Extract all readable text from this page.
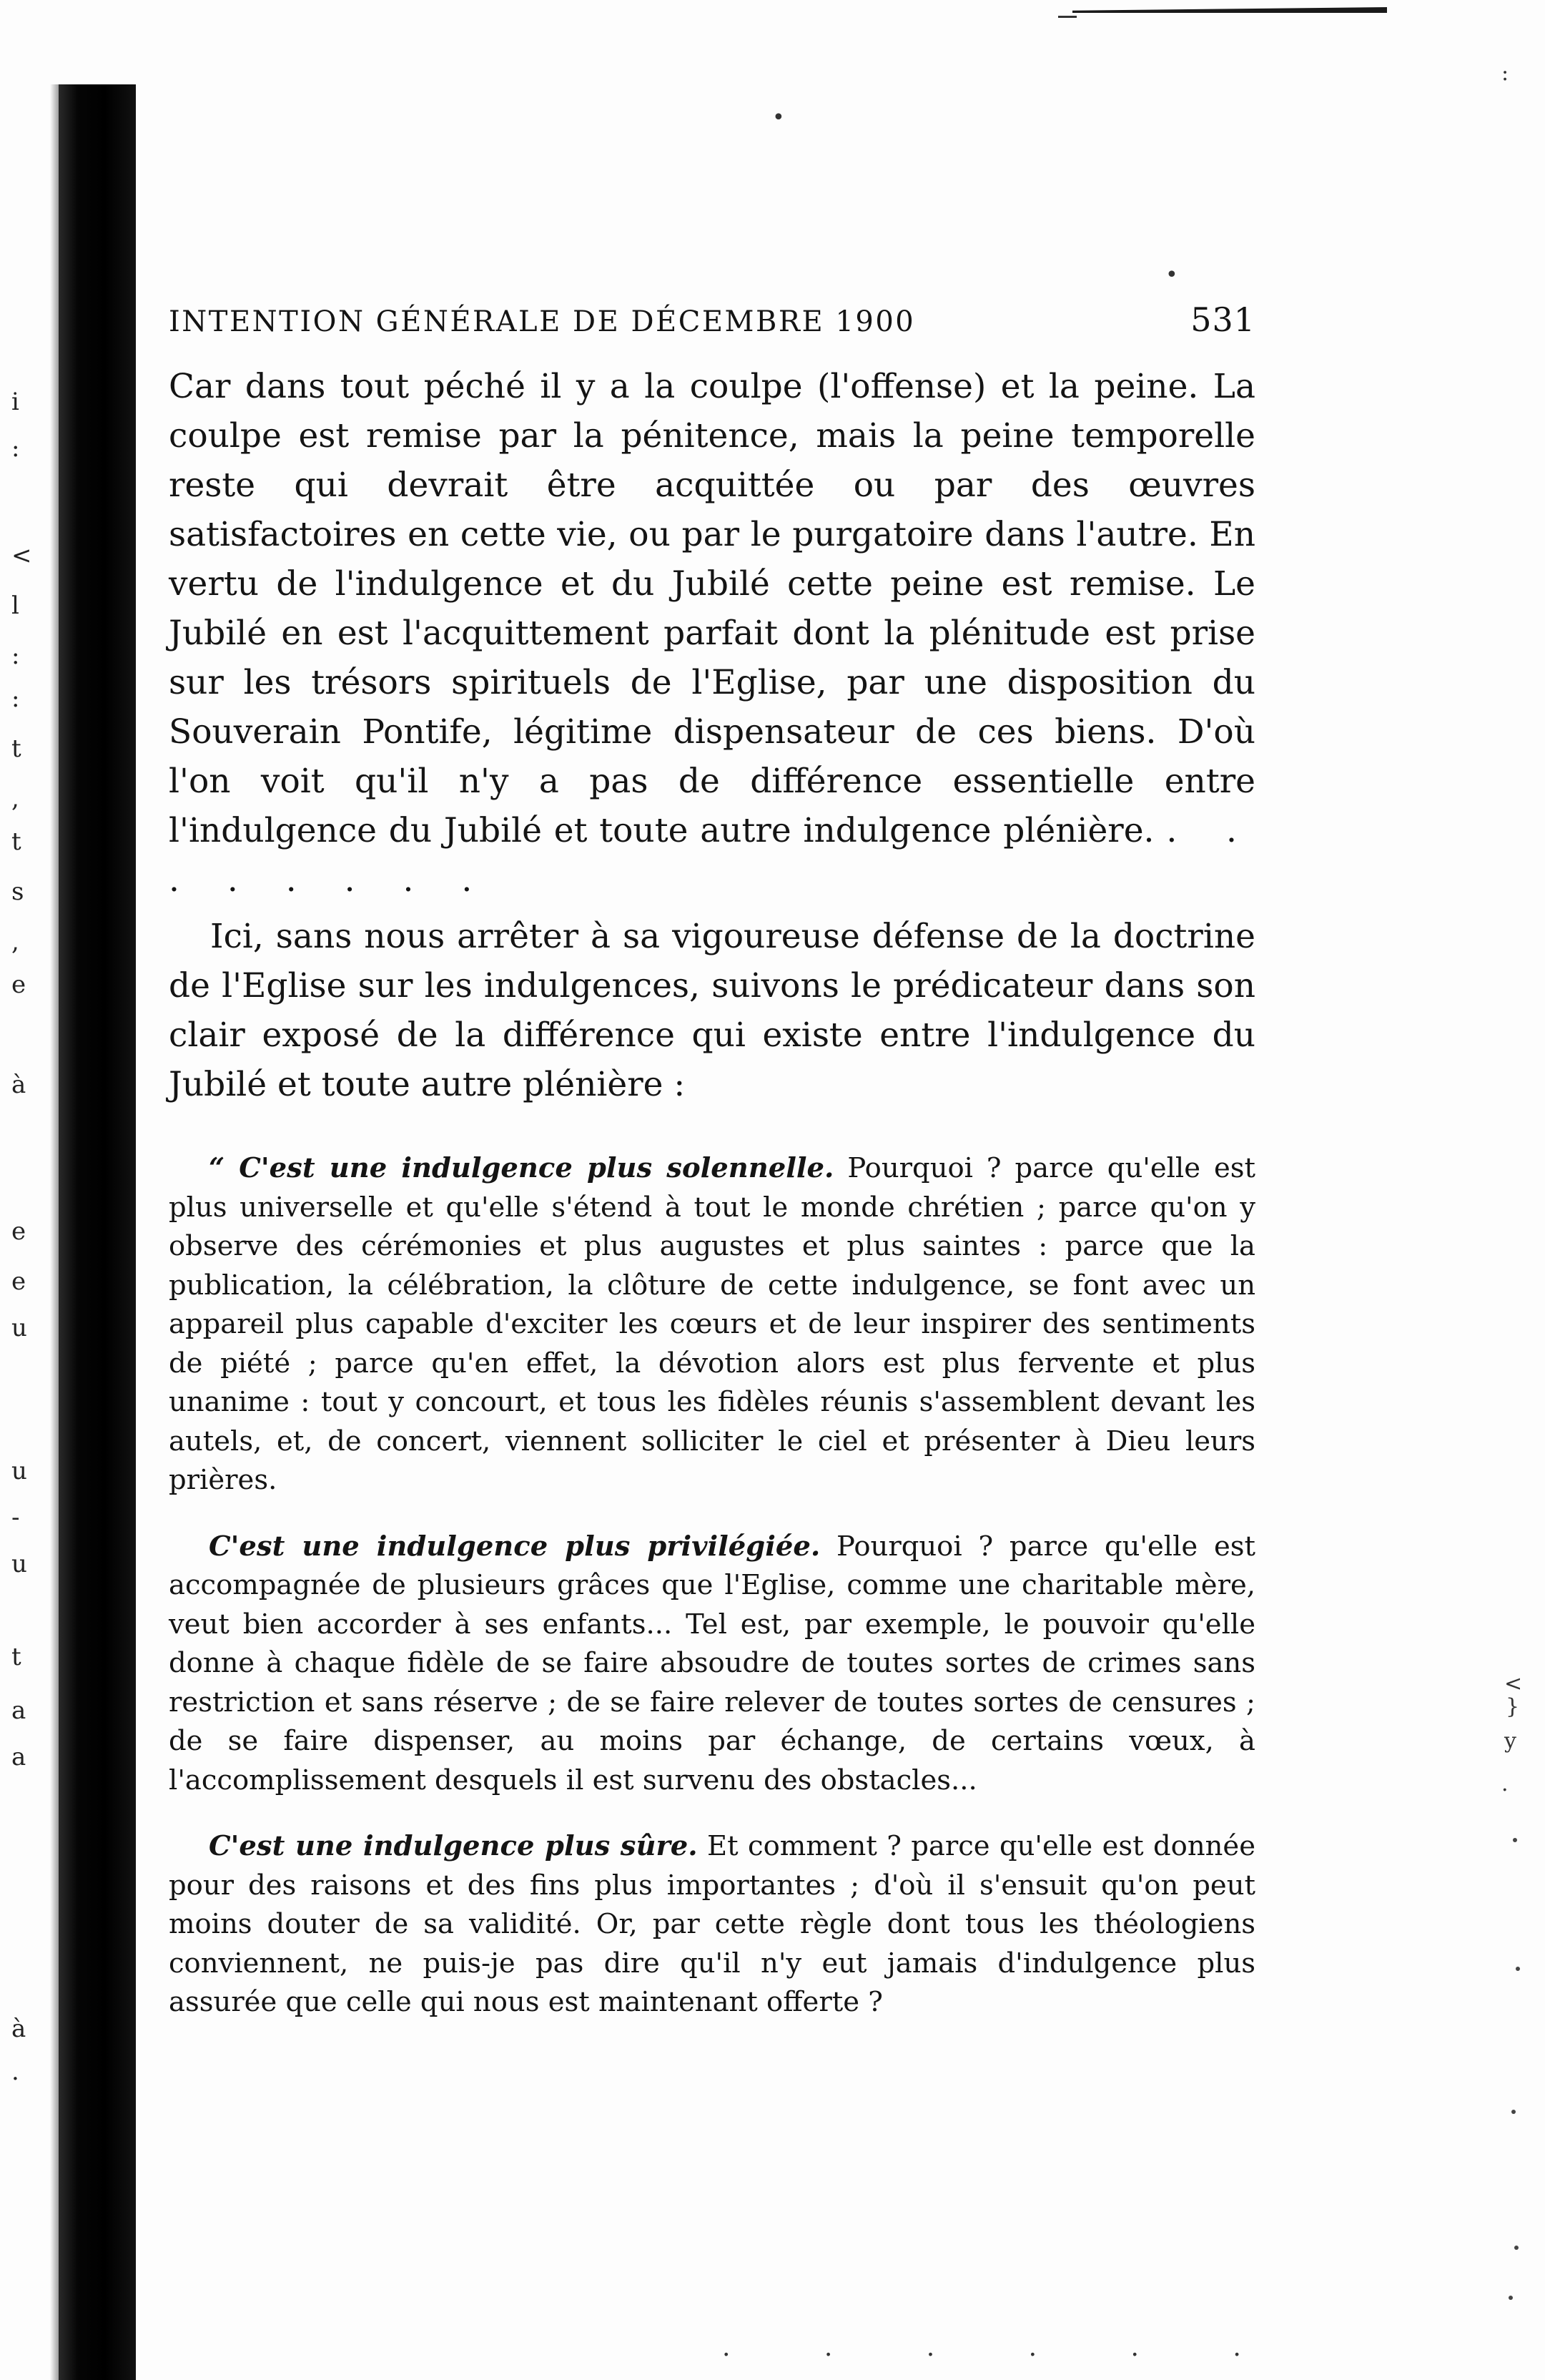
i
:
<
l
:
:
t
,
t
s
,
e
à
e
e
u
u
-
u
t
a
a
à
.
:
•
•
<
}
y
.
INTENTION GÉNÉRALE DE DÉCEMBRE 1900	531

Car dans tout péché il y a la coulpe (l'offense) et la peine. La coulpe est remise par la pénitence, mais la peine temporelle reste qui devrait être acquittée ou par des œuvres satisfactoires en cette vie, ou par le purgatoire dans l'autre. En vertu de l'indulgence et du Jubilé cette peine est remise. Le Jubilé en est l'acquittement parfait dont la plénitude est prise sur les trésors spirituels de l'Eglise, par une disposition du Souverain Pontife, légitime dispensateur de ces biens. D'où l'on voit qu'il n'y a pas de différence essentielle entre l'indulgence du Jubilé et toute autre indulgence plénière. . . . . . . . .

Ici, sans nous arrêter à sa vigoureuse défense de la doctrine de l'Eglise sur les indulgences, suivons le prédicateur dans son clair exposé de la différence qui existe entre l'indulgence du Jubilé et toute autre plénière :

“ C'est une indulgence plus solennelle. Pourquoi ? parce qu'elle est plus universelle et qu'elle s'étend à tout le monde chrétien ; parce qu'on y observe des cérémonies et plus augustes et plus saintes : parce que la publication, la célébration, la clôture de cette indulgence, se font avec un appareil plus capable d'exciter les cœurs et de leur inspirer des sentiments de piété ; parce qu'en effet, la dévotion alors est plus fervente et plus unanime : tout y concourt, et tous les fidèles réunis s'assemblent devant les autels, et, de concert, viennent solliciter le ciel et présenter à Dieu leurs prières.

C'est une indulgence plus privilégiée. Pourquoi ? parce qu'elle est accompagnée de plusieurs grâces que l'Eglise, comme une charitable mère, veut bien accorder à ses enfants... Tel est, par exemple, le pouvoir qu'elle donne à chaque fidèle de se faire absoudre de toutes sortes de crimes sans restriction et sans réserve ; de se faire relever de toutes sortes de censures ; de se faire dispenser, au moins par échange, de certains vœux, à l'accomplissement desquels il est survenu des obstacles...

C'est une indulgence plus sûre. Et comment ? parce qu'elle est donnée pour des raisons et des fins plus importantes ; d'où il s'ensuit qu'on peut moins douter de sa validité. Or, par cette règle dont tous les théologiens conviennent, ne puis-je pas dire qu'il n'y eut jamais d'indulgence plus assurée que celle qui nous est maintenant offerte ?

. . . . . .
